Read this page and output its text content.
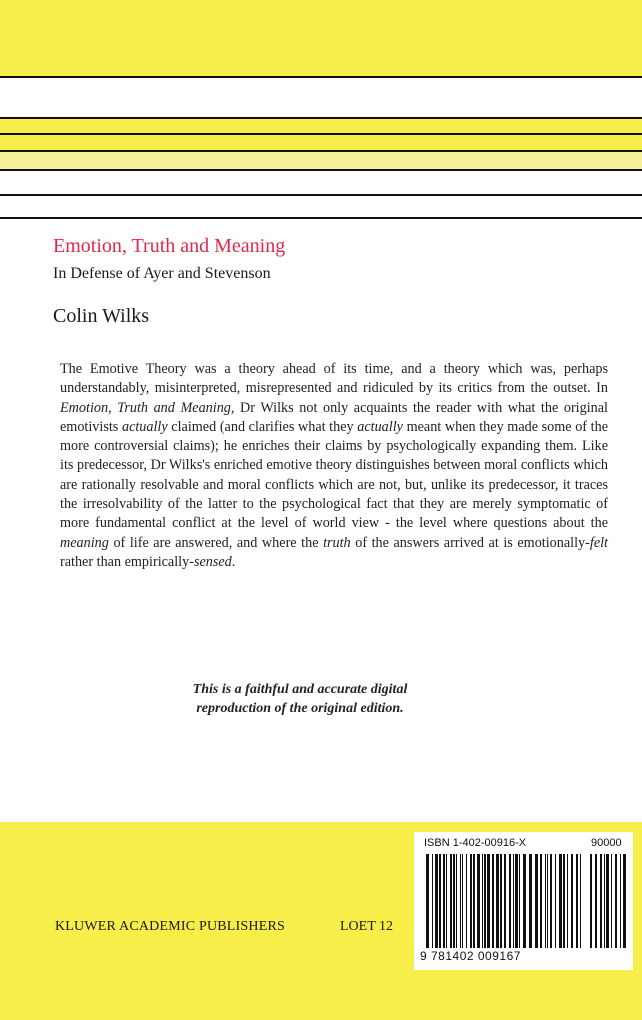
Emotion, Truth and Meaning

In Defense of Ayer and Stevenson

Colin Wilks

The Emotive Theory was a theory ahead of its time, and a theory which was, perhaps understandably, misinterpreted, misrepresented and ridiculed by its critics from the outset. In Emotion, Truth and Meaning, Dr Wilks not only acquaints the reader with what the original emotivists actually claimed (and clarifies what they actually meant when they made some of the more controversial claims); he enriches their claims by psychologically expanding them. Like its predecessor, Dr Wilks's enriched emotive theory distinguishes between moral conflicts which are rationally resolvable and moral conflicts which are not, but, unlike its predecessor, it traces the irresolvability of the latter to the psychological fact that they are merely symptomatic of more fundamental conflict at the level of world view - the level where questions about the meaning of life are answered, and where the truth of the answers arrived at is emotionally-felt rather than empirically-sensed.

This is a faithful and accurate digital
reproduction of the original edition.

KLUWER ACADEMIC PUBLISHERS	LOET 12

ISBN 1-402-00916-X	90000

9 781402 009167
